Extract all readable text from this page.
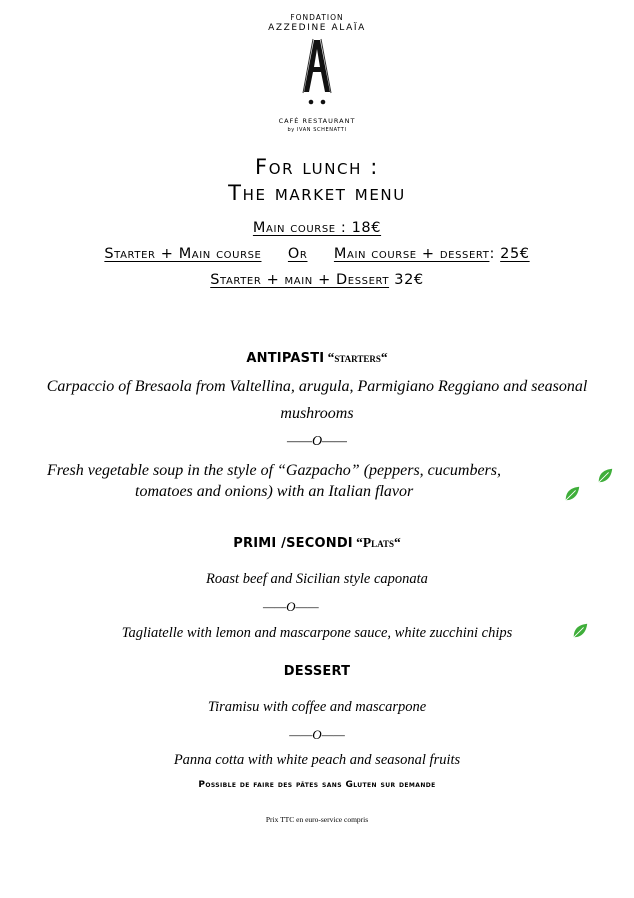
FONDATION
AZZEDINE ALAÏA
CAFÉ RESTAURANT
by IVAN SCHENATTI
For lunch :
The market menu
Main course : 18€
Starter + Main course Or Main course + dessert: 25€
Starter + main + Dessert 32€
ANTIPASTI “starters“
Carpaccio of Bresaola from Valtellina, arugula, Parmigiano Reggiano and seasonal
mushrooms
——O——
Fresh vegetable soup in the style of “Gazpacho” (peppers, cucumbers,
tomatoes and onions) with an Italian flavor
PRIMI /SECONDI “Plats“
Roast beef and Sicilian style caponata
——O——
Tagliatelle with lemon and mascarpone sauce, white zucchini chips
DESSERT
Tiramisu with coffee and mascarpone
——O——
Panna cotta with white peach and seasonal fruits
Possible de faire des pâtes sans Gluten sur demande
Prix TTC en euro-service compris
